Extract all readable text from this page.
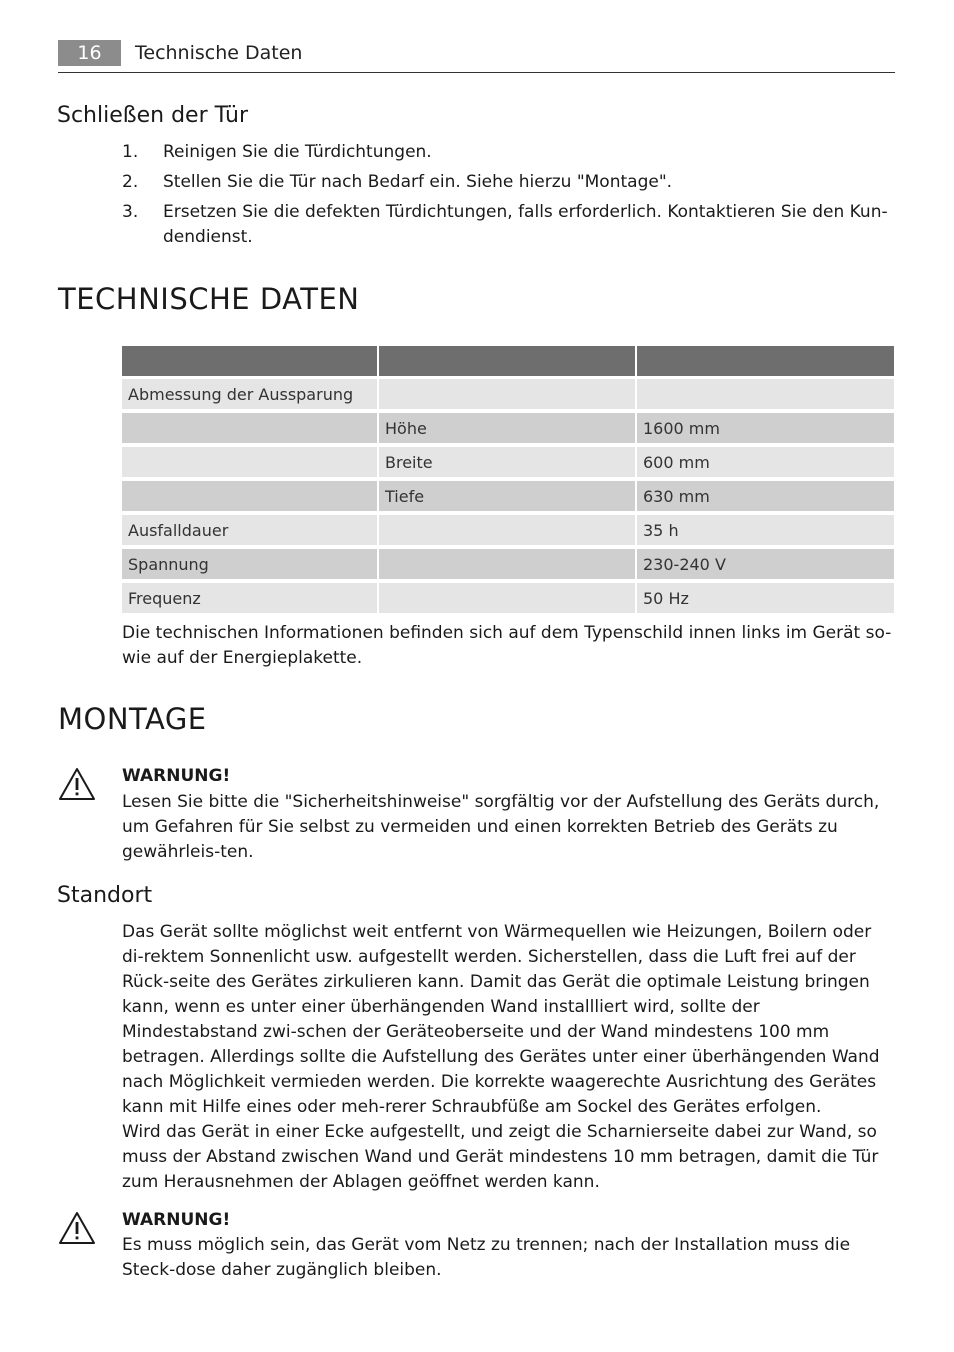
16	Technische Daten
Schließen der Tür
1. Reinigen Sie die Türdichtungen.
2. Stellen Sie die Tür nach Bedarf ein. Siehe hierzu "Montage".
3. Ersetzen Sie die defekten Türdichtungen, falls erforderlich. Kontaktieren Sie den Kun-dendienst.
TECHNISCHE DATEN

Abmessung der Aussparung		
	Höhe	1600 mm
	Breite	600 mm
	Tiefe	630 mm
Ausfalldauer		35 h
Spannung		230-240 V
Frequenz		50 Hz

Die technischen Informationen befinden sich auf dem Typenschild innen links im Gerät so-wie auf der Energieplakette.

MONTAGE
WARNUNG!

Lesen Sie bitte die "Sicherheitshinweise" sorgfältig vor der Aufstellung des Geräts durch, um Gefahren für Sie selbst zu vermeiden und einen korrekten Betrieb des Geräts zu gewährleis-ten.

Standort

Das Gerät sollte möglichst weit entfernt von Wärmequellen wie Heizungen, Boilern oder di-rektem Sonnenlicht usw. aufgestellt werden. Sicherstellen, dass die Luft frei auf der Rück-seite des Gerätes zirkulieren kann. Damit das Gerät die optimale Leistung bringen kann, wenn es unter einer überhängenden Wand installliert wird, sollte der Mindestabstand zwi-schen der Geräteoberseite und der Wand mindestens 100 mm betragen. Allerdings sollte die Aufstellung des Gerätes unter einer überhängenden Wand nach Möglichkeit vermieden werden. Die korrekte waagerechte Ausrichtung des Gerätes kann mit Hilfe eines oder meh-rerer Schraubfüße am Sockel des Gerätes erfolgen.

Wird das Gerät in einer Ecke aufgestellt, und zeigt die Scharnierseite dabei zur Wand, so muss der Abstand zwischen Wand und Gerät mindestens 10 mm betragen, damit die Tür zum Herausnehmen der Ablagen geöffnet werden kann.

WARNUNG!

Es muss möglich sein, das Gerät vom Netz zu trennen; nach der Installation muss die Steck-dose daher zugänglich bleiben.
